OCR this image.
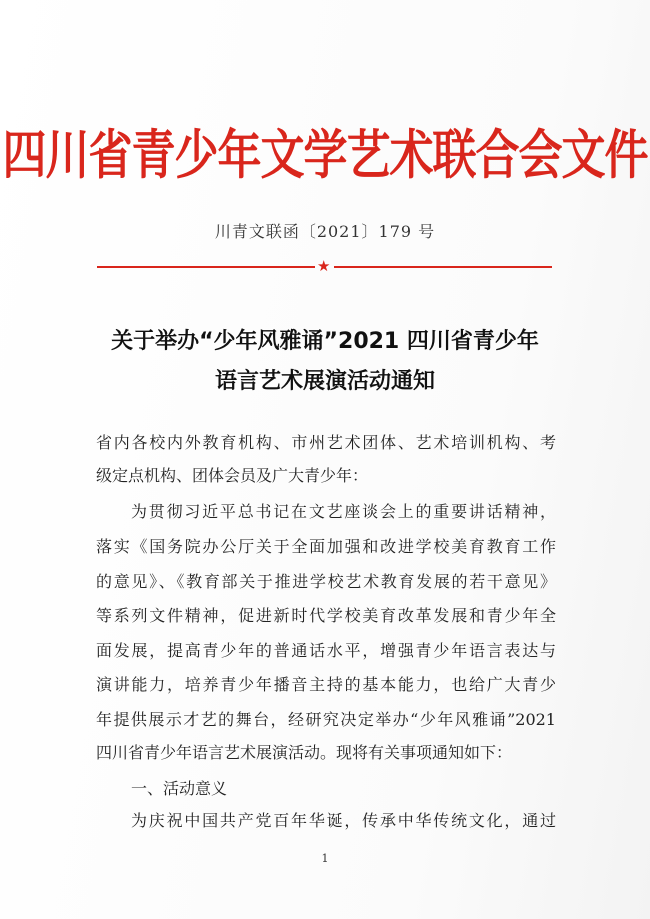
四川省青少年文学艺术联合会文件
川青文联函〔2021〕179 号
★
关于举办“少年风雅诵”2021 四川省青少年
语言艺术展演活动通知
省内各校内外教育机构、市州艺术团体、艺术培训机构、考
级定点机构、团体会员及广大青少年：
为贯彻习近平总书记在文艺座谈会上的重要讲话精神，
落实《国务院办公厅关于全面加强和改进学校美育教育工作
的意见》、《教育部关于推进学校艺术教育发展的若干意见》
等系列文件精神，促进新时代学校美育改革发展和青少年全
面发展，提高青少年的普通话水平，增强青少年语言表达与
演讲能力，培养青少年播音主持的基本能力，也给广大青少
年提供展示才艺的舞台，经研究决定举办“少年风雅诵”2021
四川省青少年语言艺术展演活动。现将有关事项通知如下：
一、活动意义
为庆祝中国共产党百年华诞，传承中华传统文化，通过
1
